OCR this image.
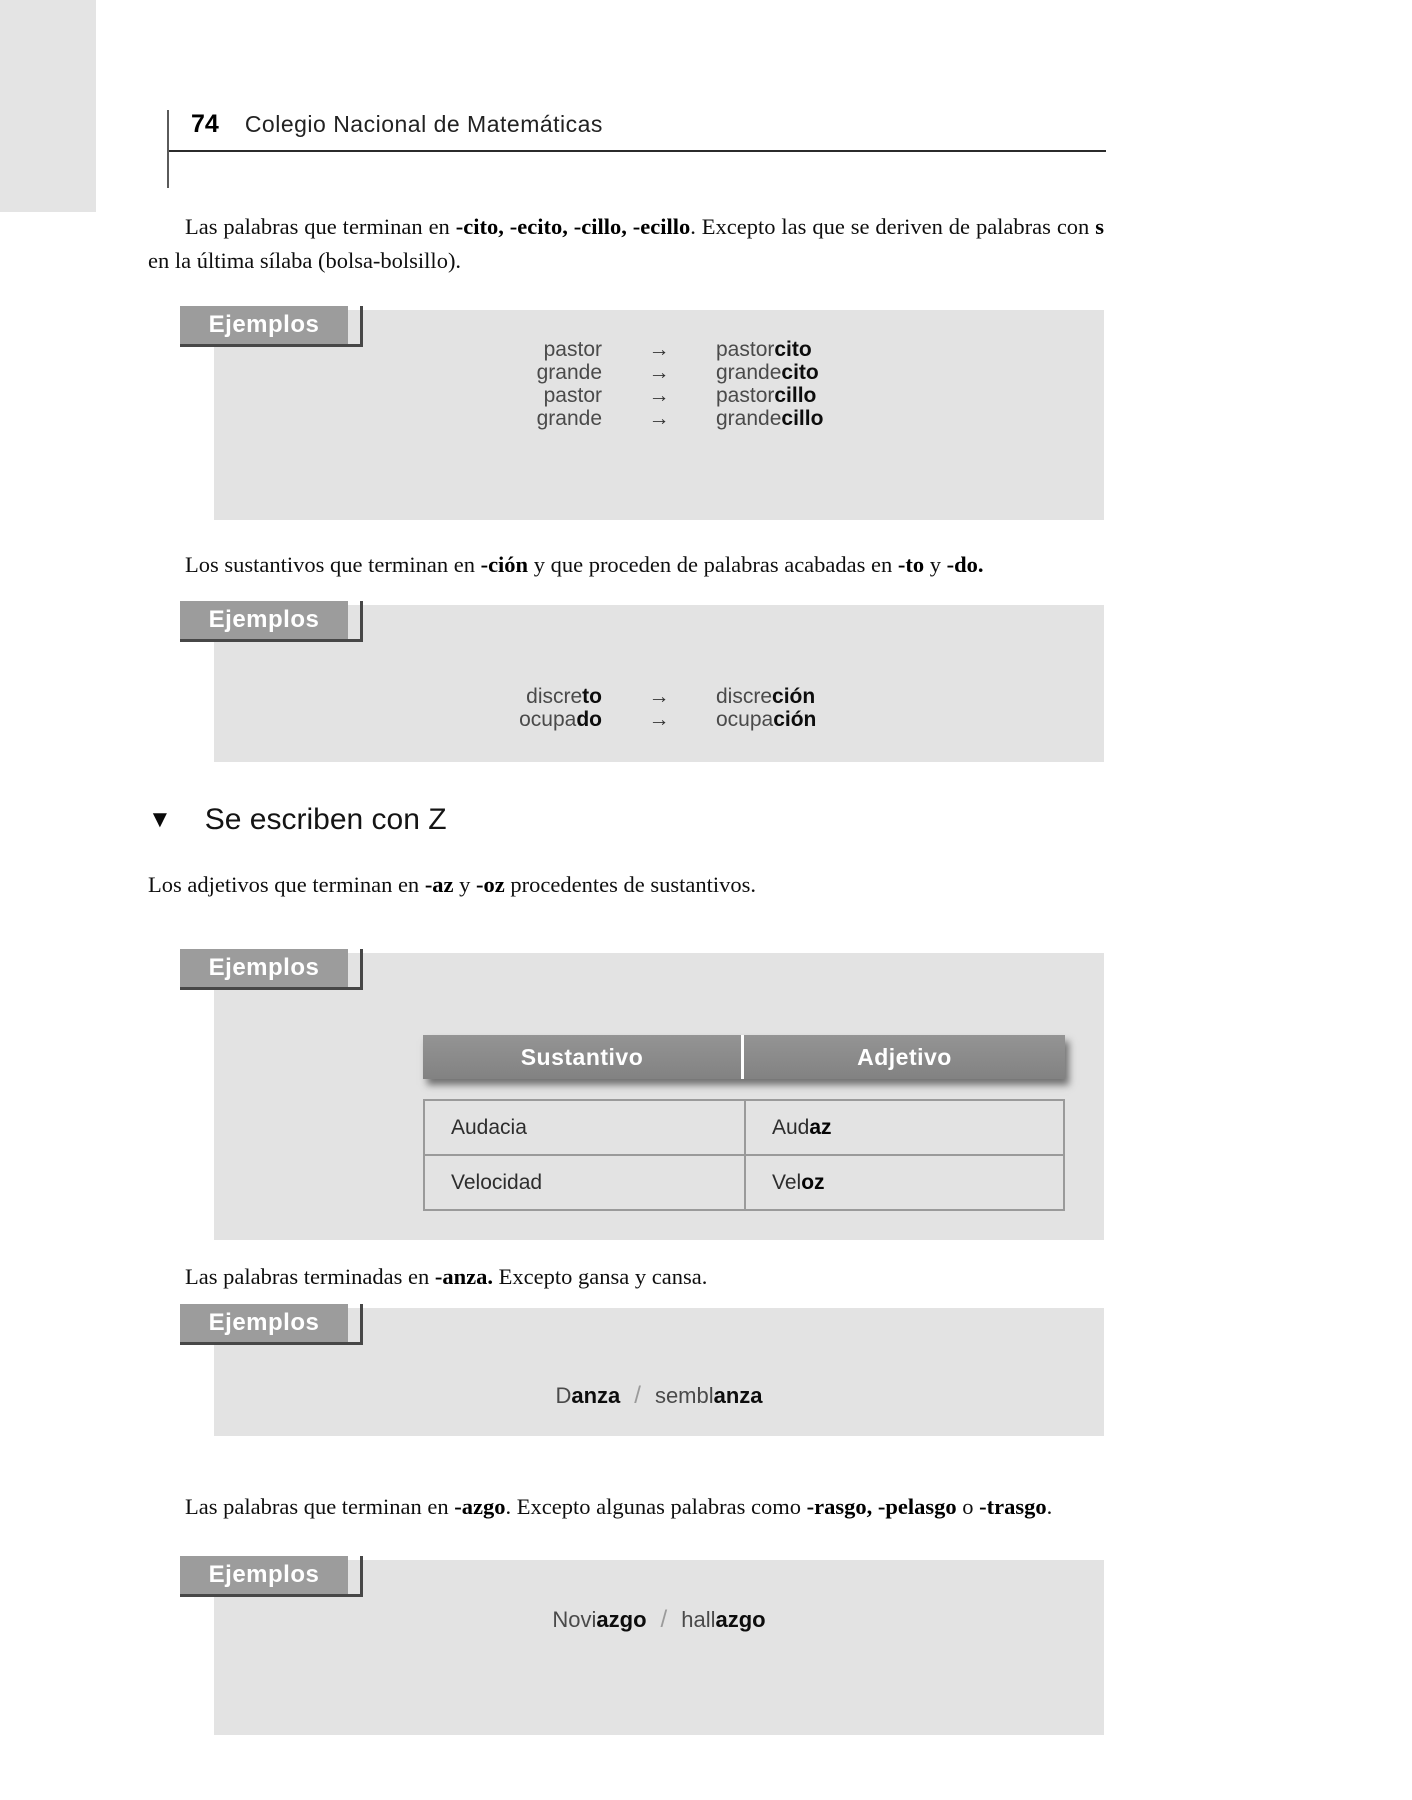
74 Colegio Nacional de Matemáticas

Las palabras que terminan en -cito, -ecito, -cillo, -ecillo. Excepto las que se deriven de palabras con s en la última sílaba (bolsa-bolsillo).

Ejemplos
pastor	→	pastorcito
grande	→	grandecito
pastor	→	pastorcillo
grande	→	grandecillo

Los sustantivos que terminan en -ción y que proceden de palabras acabadas en -to y -do.

Ejemplos
discreto	→	discreción
ocupado	→	ocupación
▼ Se escriben con Z

Los adjetivos que terminan en -az y -oz procedentes de sustantivos.

Ejemplos
Sustantivo	Adjetivo
Audacia	Aud az
Velocidad	Vel oz

Las palabras terminadas en -anza. Excepto gansa y cansa.

Ejemplos
Danza / semblanza

Las palabras que terminan en -azgo. Excepto algunas palabras como -rasgo, -pelasgo o -trasgo.

Ejemplos
Noviazgo / hallazgo
